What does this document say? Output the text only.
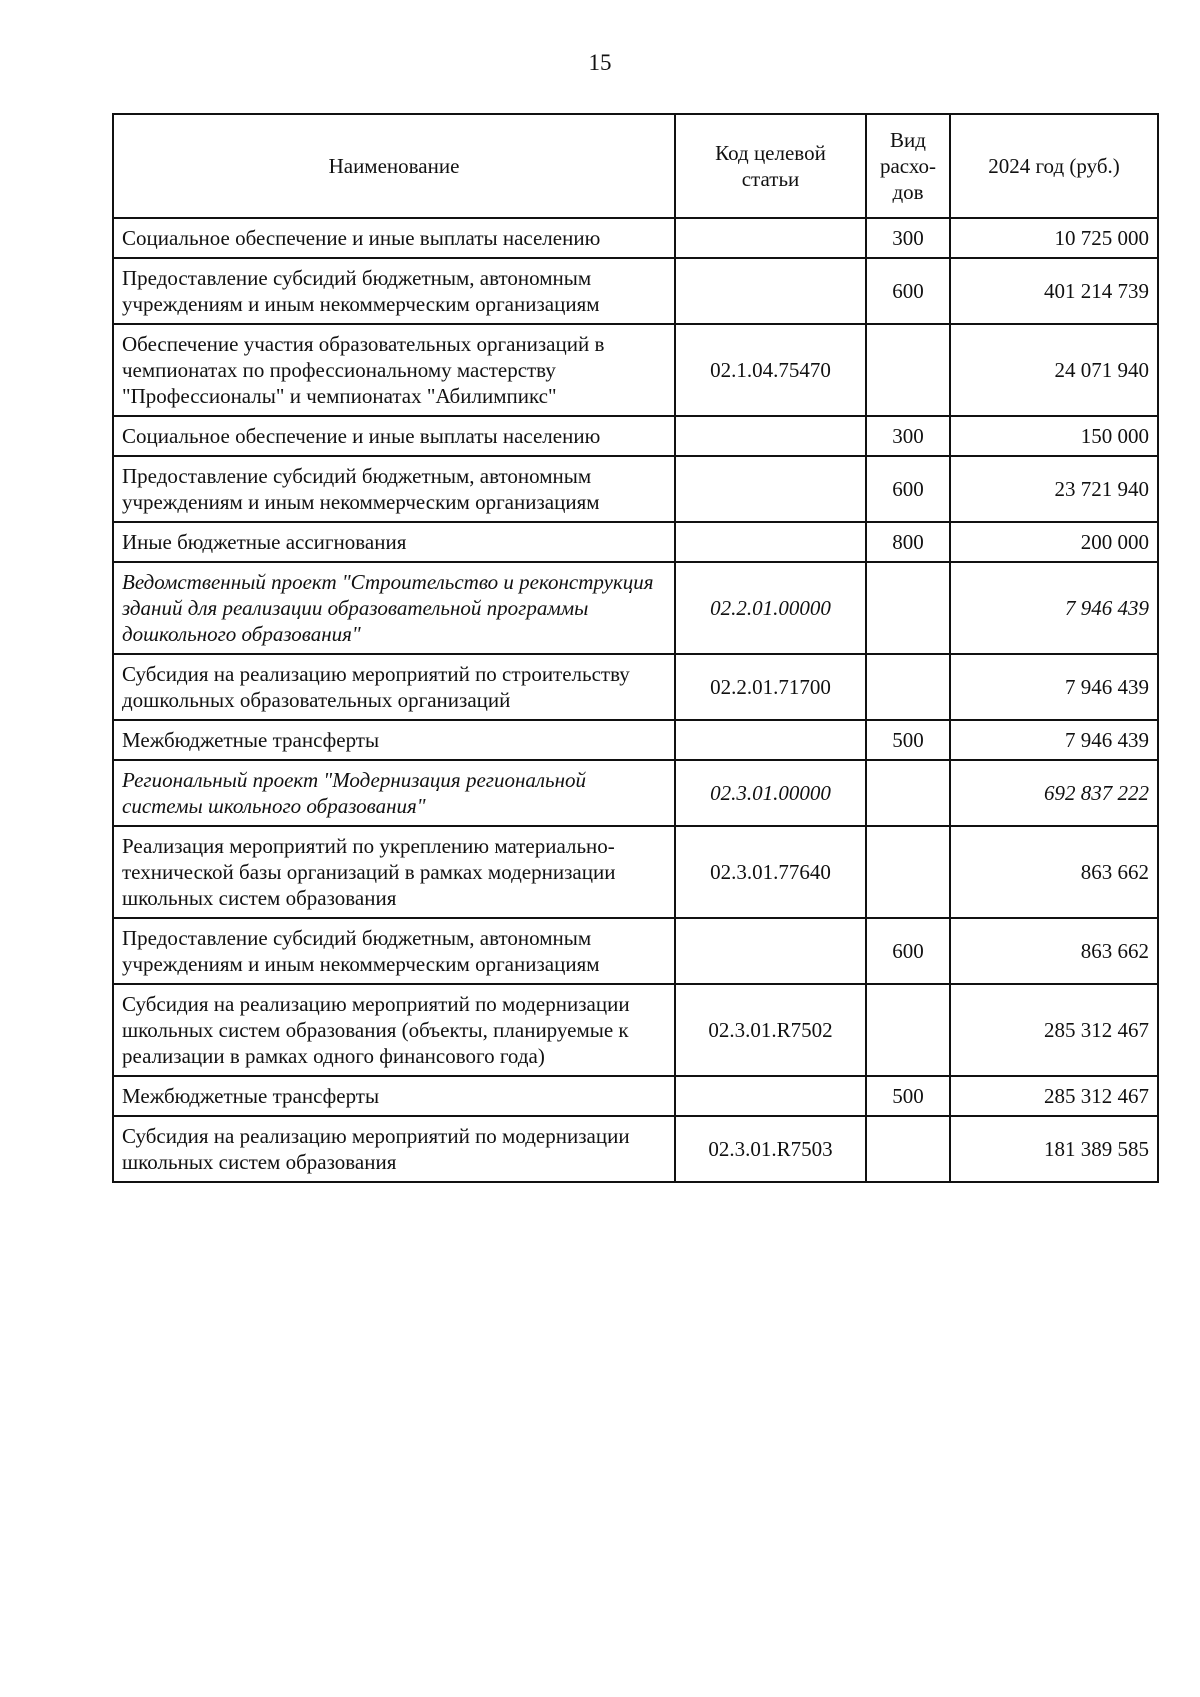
15
Наименование	Код целевой статьи	Вид расхо-дов	2024 год (руб.)
Социальное обеспечение и иные выплаты населению		300	10 725 000
Предоставление субсидий бюджетным, автономным учреждениям и иным некоммерческим организациям		600	401 214 739
Обеспечение участия образовательных организаций в чемпионатах по профессиональному мастерству "Профессионалы" и чемпионатах "Абилимпикс"	02.1.04.75470		24 071 940
Социальное обеспечение и иные выплаты населению		300	150 000
Предоставление субсидий бюджетным, автономным учреждениям и иным некоммерческим организациям		600	23 721 940
Иные бюджетные ассигнования		800	200 000
Ведомственный проект "Строительство и реконструкция зданий для реализации образовательной программы дошкольного образования"	02.2.01.00000		7 946 439
Субсидия на реализацию мероприятий по строительству дошкольных образовательных организаций	02.2.01.71700		7 946 439
Межбюджетные трансферты		500	7 946 439
Региональный проект "Модернизация региональной системы школьного образования"	02.3.01.00000		692 837 222
Реализация мероприятий по укреплению материально-технической базы организаций в рамках модернизации школьных систем образования	02.3.01.77640		863 662
Предоставление субсидий бюджетным, автономным учреждениям и иным некоммерческим организациям		600	863 662
Субсидия на реализацию мероприятий по модернизации школьных систем образования (объекты, планируемые к реализации в рамках одного финансового года)	02.3.01.R7502		285 312 467
Межбюджетные трансферты		500	285 312 467
Субсидия на реализацию мероприятий по модернизации школьных систем образования	02.3.01.R7503		181 389 585
